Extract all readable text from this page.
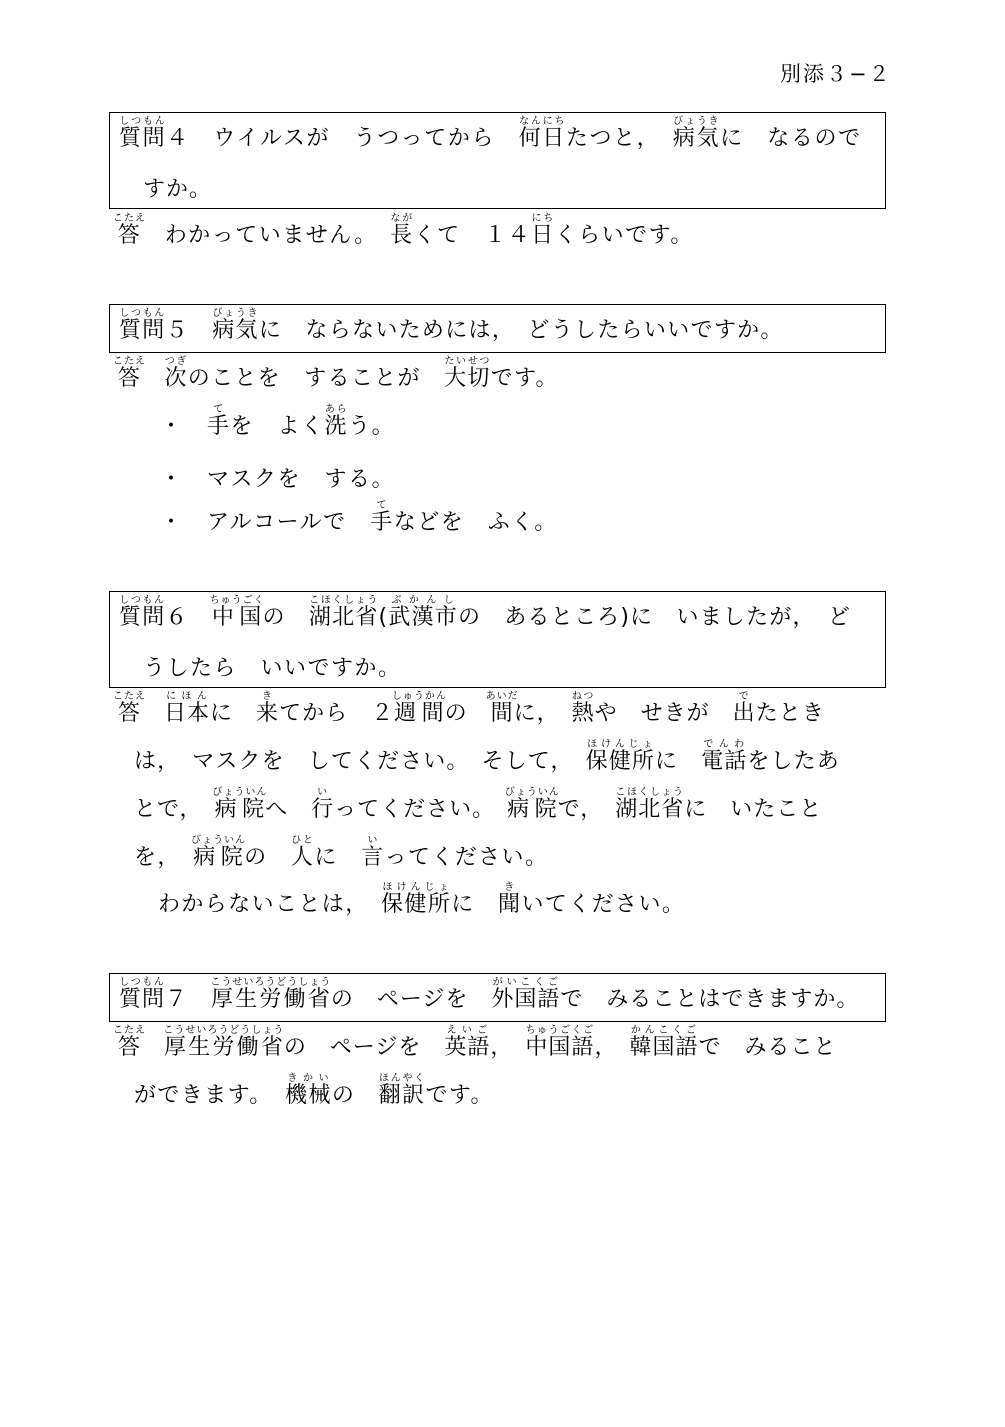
別添３−２
質問しつもん４　ウイルスが　うつってから　何日なんにちたつと，　病気びょうきに　なるので
すか。
答こたえ　わかっていません。　長ながくて　１４日にちくらいです。
質問しつもん５　病気びょうきに　ならないためには，　どうしたらいいですか。
答こたえ　次つぎのことを　することが　大切たいせつです。
・　手てを　よく洗あらう。
・　マスクを　する。
・　アルコールで　手てなどを　ふく。
質問しつもん６　中国ちゅうごくの　湖北省こほくしょう(武漢市ぶかんしの　あるところ)に　いましたが，　ど
うしたら　いいですか。
答こたえ　日本にほんに　来きてから　２週間しゅうかんの　間あいだに，　熱ねつや　せきが　出でたとき
は，　マスクを　してください。　そして，　保健所ほけんじょに　電話でんわをしたあ
とで，　病院びょういんへ　行いってください。　病院びょういんで，　湖北省こほくしょうに　いたこと
を，　病院びょういんの　人ひとに　言いってください。
わからないことは，　保健所ほけんじょに　聞きいてください。
質問しつもん７　厚生労働省こうせいろうどうしょうの　ページを　外国語がいこくごで　みることはできますか。
答こたえ　厚生労働省こうせいろうどうしょうの　ページを　英語えいご，　中国語ちゅうごくご，　韓国語かんこくごで　みること
ができます。　機械きかいの　翻訳ほんやくです。
